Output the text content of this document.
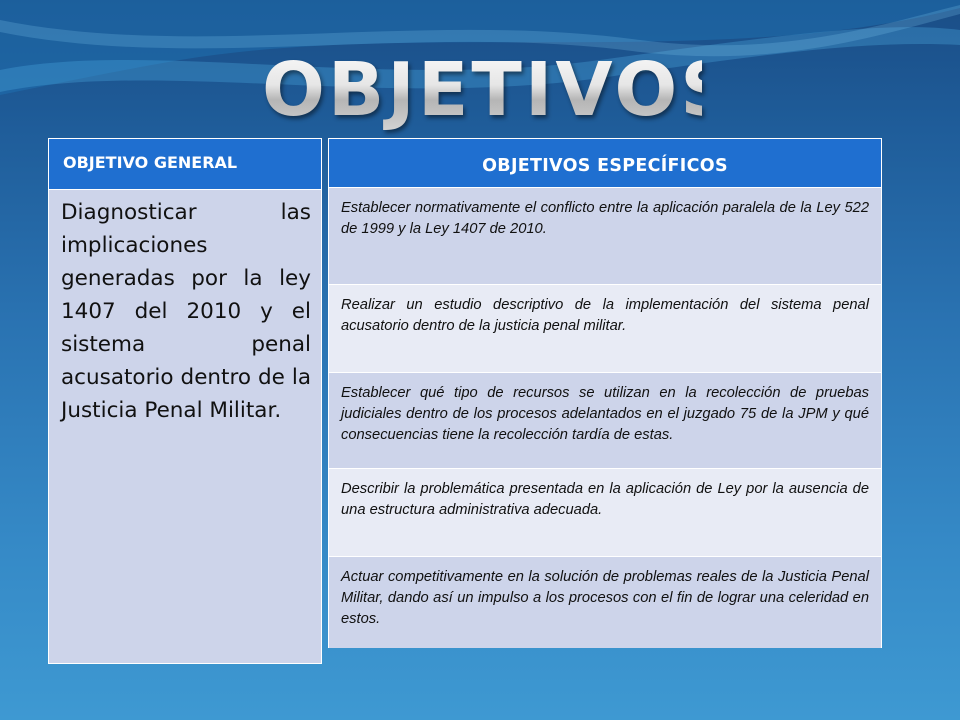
OBJETIVOS
OBJETIVO GENERAL
Diagnosticar las implicaciones generadas por la ley 1407 del 2010 y el sistema penal acusatorio dentro de la Justicia Penal Militar.
OBJETIVOS ESPECÍFICOS
Establecer normativamente el conflicto entre la aplicación paralela de la Ley 522 de 1999 y la Ley 1407 de 2010.
Realizar un estudio descriptivo de la implementación del sistema penal acusatorio dentro de la justicia penal militar.
Establecer qué tipo de recursos se utilizan en la recolección de pruebas judiciales dentro de los procesos adelantados en el juzgado 75 de la JPM y qué consecuencias tiene la recolección tardía de estas.
Describir la problemática presentada en la aplicación de Ley por la ausencia de una estructura administrativa adecuada.
Actuar competitivamente en la solución de problemas reales de la Justicia Penal Militar, dando así un impulso a los procesos con el fin de lograr una celeridad en estos.
